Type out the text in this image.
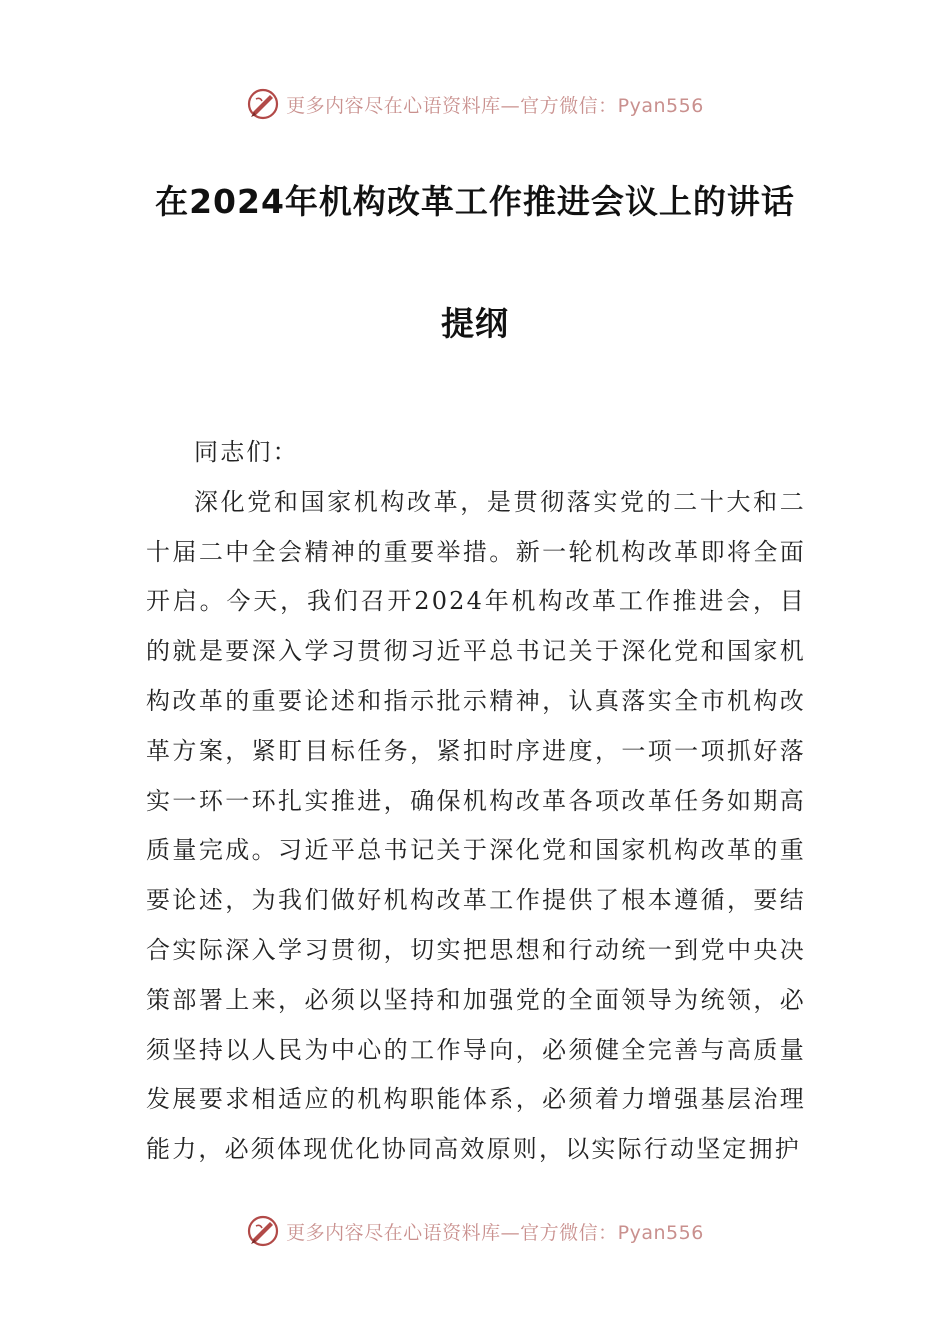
更多内容尽在心语资料库—官方微信：Pyan556
在2024年机构改革工作推进会议上的讲话
提纲

同志们：

深化党和国家机构改革，是贯彻落实党的二十大和二十届二中全会精神的重要举措。新一轮机构改革即将全面开启。今天，我们召开2024年机构改革工作推进会，目的就是要深入学习贯彻习近平总书记关于深化党和国家机构改革的重要论述和指示批示精神，认真落实全市机构改革方案，紧盯目标任务，紧扣时序进度，一项一项抓好落实一环一环扎实推进，确保机构改革各项改革任务如期高质量完成。习近平总书记关于深化党和国家机构改革的重要论述，为我们做好机构改革工作提供了根本遵循，要结合实际深入学习贯彻，切实把思想和行动统一到党中央决策部署上来，必须以坚持和加强党的全面领导为统领，必须坚持以人民为中心的工作导向，必须健全完善与高质量发展要求相适应的机构职能体系，必须着力增强基层治理能力，必须体现优化协同高效原则，以实际行动坚定拥护

更多内容尽在心语资料库—官方微信：Pyan556
